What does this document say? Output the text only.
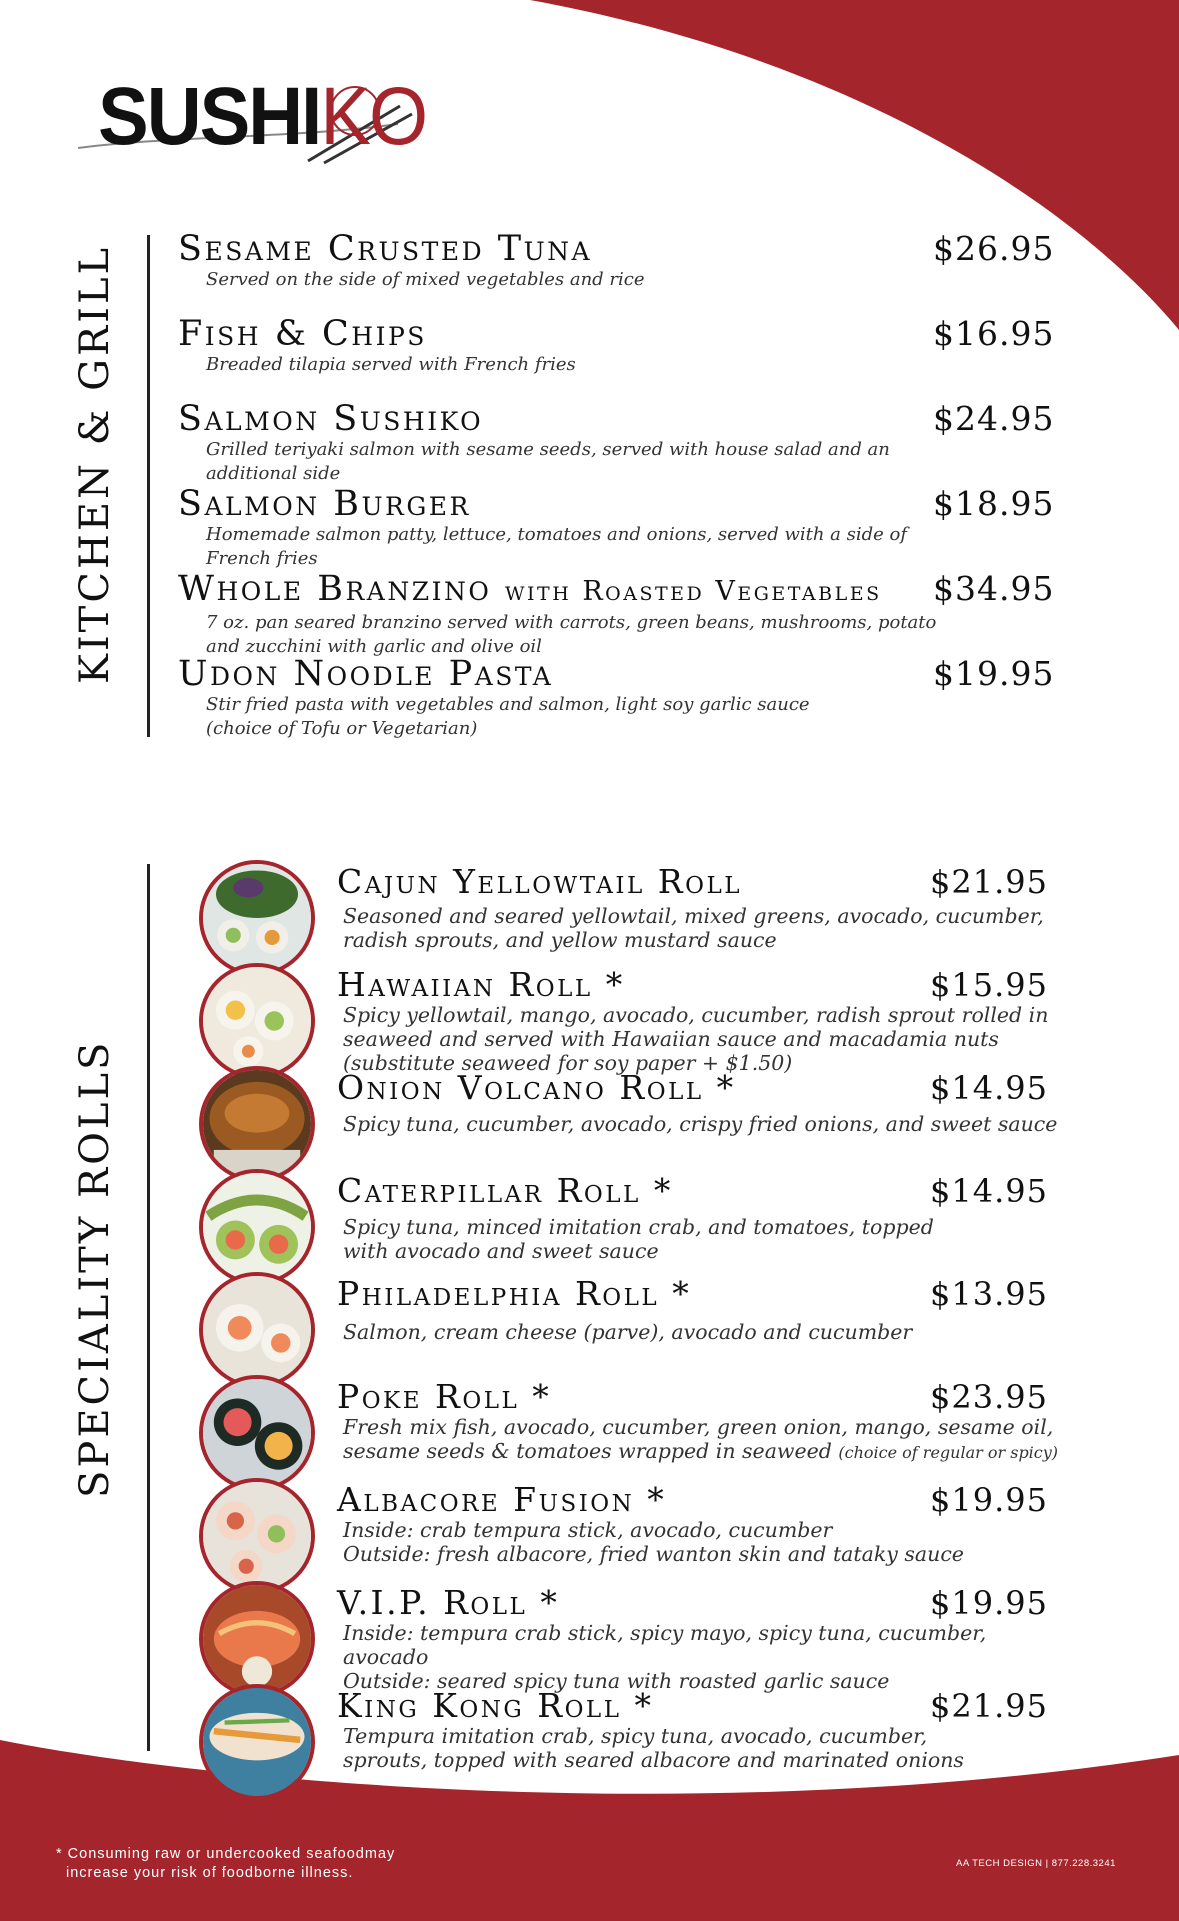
SUSHIKO
KITCHEN & GRILL Sesame Crusted Tuna	$26.95
Served on the side of mixed vegetables and rice
Fish & Chips	$16.95
Breaded tilapia served with French fries
Salmon Sushiko	$24.95
Grilled teriyaki salmon with sesame seeds, served with house salad and an additional side
Salmon Burger	$18.95
Homemade salmon patty, lettuce, tomatoes and onions, served with a side of French fries
Whole Branzino with Roasted Vegetables	$34.95
7 oz. pan seared branzino served with carrots, green beans, mushrooms, potato
and zucchini with garlic and olive oil
Udon Noodle Pasta	$19.95
Stir fried pasta with vegetables and salmon, light soy garlic sauce
(choice of Tofu or Vegetarian)
SPECIALITY ROLLS
Cajun Yellowtail Roll	$21.95
Seasoned and seared yellowtail, mixed greens, avocado, cucumber,
radish sprouts, and yellow mustard sauce
Hawaiian Roll *	$15.95
Spicy yellowtail, mango, avocado, cucumber, radish sprout rolled in
seaweed and served with Hawaiian sauce and macadamia nuts
(substitute seaweed for soy paper + $1.50)
Onion Volcano Roll *	$14.95
Spicy tuna, cucumber, avocado, crispy fried onions, and sweet sauce
Caterpillar Roll *	$14.95
Spicy tuna, minced imitation crab, and tomatoes, topped
with avocado and sweet sauce
Philadelphia Roll *	$13.95
Salmon, cream cheese (parve), avocado and cucumber
Poke Roll *	$23.95
Fresh mix fish, avocado, cucumber, green onion, mango, sesame oil,
sesame seeds & tomatoes wrapped in seaweed (choice of regular or spicy)
Albacore Fusion *	$19.95
Inside: crab tempura stick, avocado, cucumber
Outside: fresh albacore, fried wanton skin and tataky sauce
V.I.P. Roll *	$19.95
Inside: tempura crab stick, spicy mayo, spicy tuna, cucumber, avocado
Outside: seared spicy tuna with roasted garlic sauce
King Kong Roll *	$21.95
Tempura imitation crab, spicy tuna, avocado, cucumber,
sprouts, topped with seared albacore and marinated onions
* Consuming raw or undercooked seafoodmay
increase your risk of foodborne illness.
AA TECH DESIGN | 877.228.3241
